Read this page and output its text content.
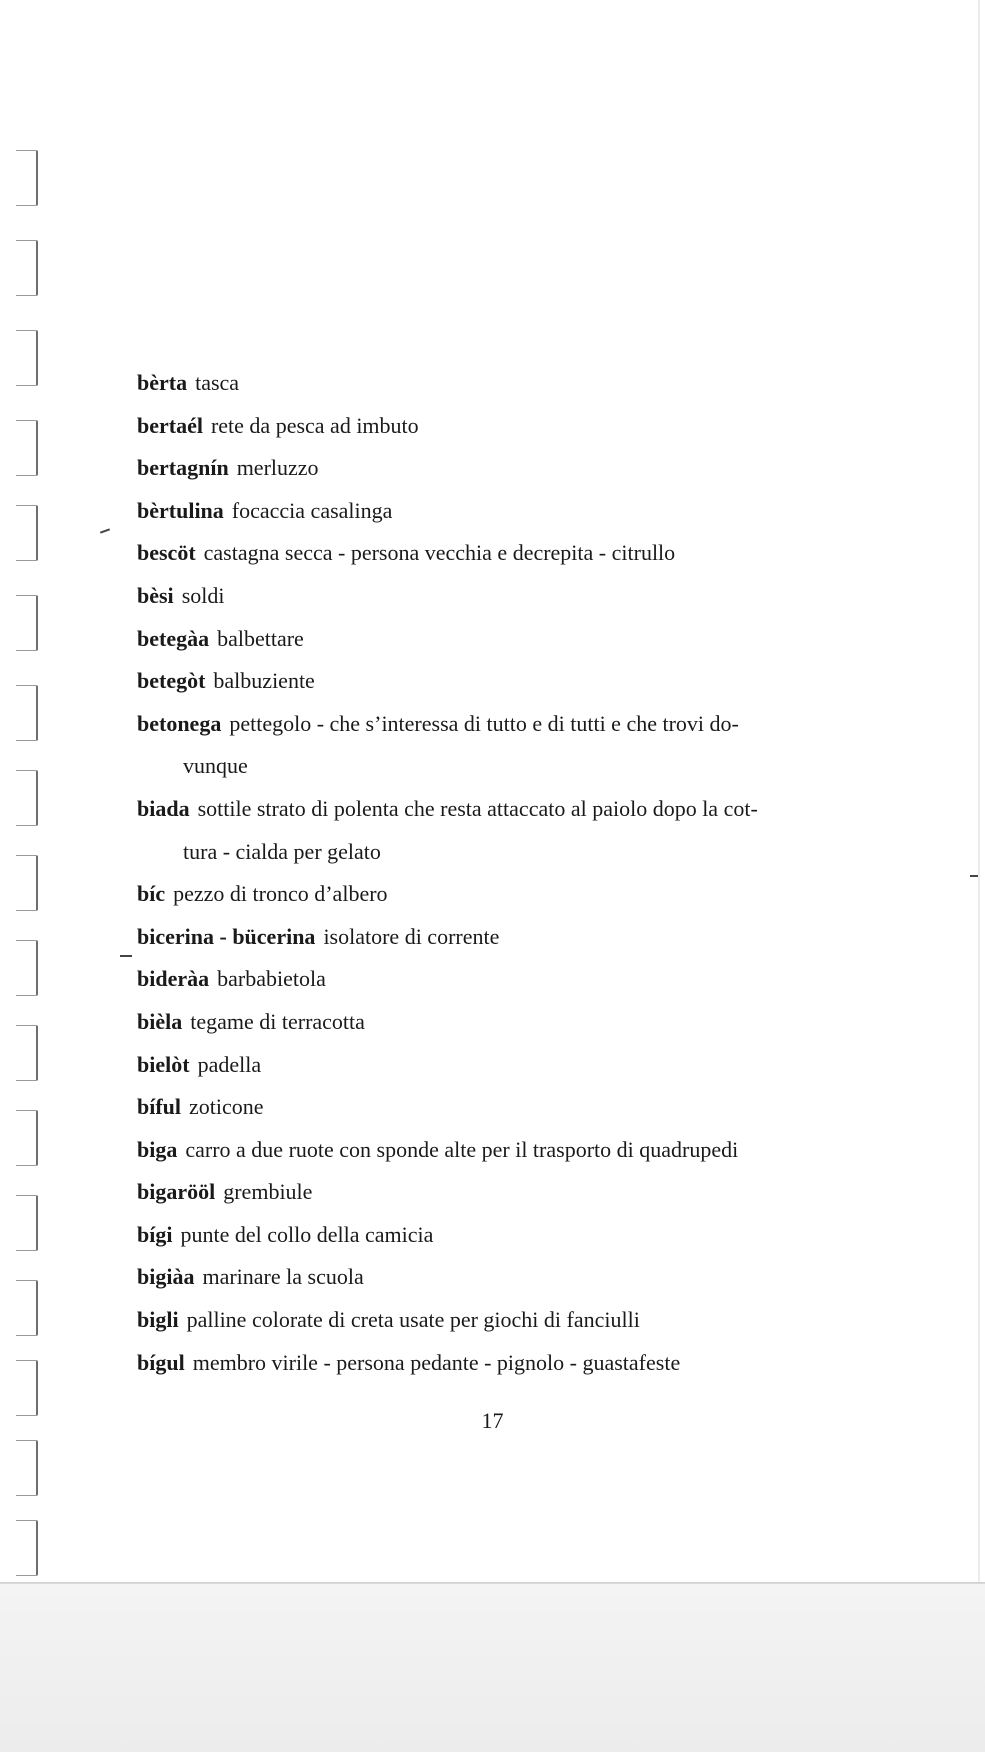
bèrta tasca
bertaél rete da pesca ad imbuto
bertagnín merluzzo
bèrtulina focaccia casalinga
bescöt castagna secca - persona vecchia e decrepita - citrullo
bèsi soldi
betegàa balbettare
betegòt balbuziente
betonega pettegolo - che s’interessa di tutto e di tutti e che trovi do-
vunque
biada sottile strato di polenta che resta attaccato al paiolo dopo la cot-
tura - cialda per gelato
bíc pezzo di tronco d’albero
bicerina - bücerina isolatore di corrente
bideràa barbabietola
bièla tegame di terracotta
bielòt padella
bíful zoticone
biga carro a due ruote con sponde alte per il trasporto di quadrupedi
bigarööl grembiule
bígi punte del collo della camicia
bigiàa marinare la scuola
bigli palline colorate di creta usate per giochi di fanciulli
bígul membro virile - persona pedante - pignolo - guastafeste
17
